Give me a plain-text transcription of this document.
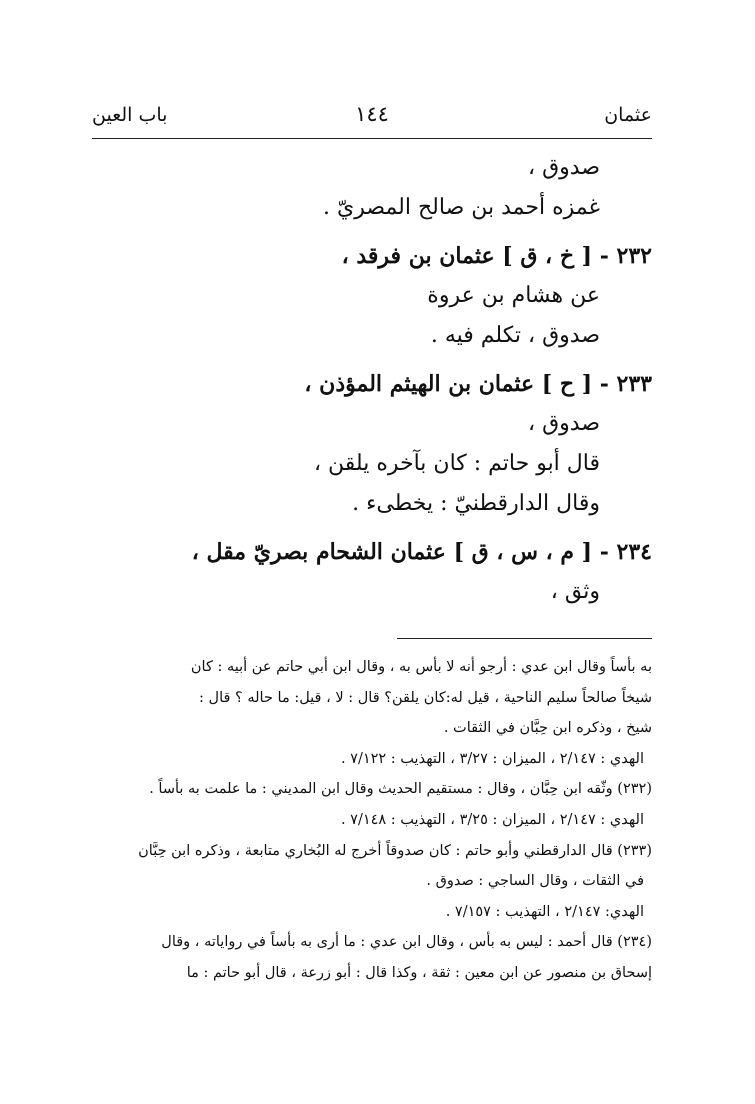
باب العين	١٤٤	عثمان
صدوق ،
غمزه أحمد بن صالح المصريّ .
٢٣٢ - [ خ ، ق ] عثمان بن فرقد ،
عن هشام بن عروة
صدوق ، تكلم فيه .
٢٣٣ - [ ح ] عثمان بن الهيثم المؤذن ،
صدوق ،
قال أبو حاتم : كان بآخره يلقن ،
وقال الدارقطنيّ : يخطىء .
٢٣٤ - [ م ، س ، ق ] عثمان الشحام بصريّ مقل ،
وثق ،
به بأساً وقال ابن عدي : أرجو أنه لا بأس به ، وقال ابن أبي حاتم عن أبيه : كان
شيخاً صالحاً سليم الناحية ، قيل له:كان يلقن؟ قال : لا ، قيل: ما حاله ؟ قال :
شيخ ، وذكره ابن حِبَّان في الثقات .
الهدي : ٢/١٤٧ ، الميزان : ٣/٢٧ ، التهذيب : ٧/١٢٢ .
(٢٣٢) وثّقه ابن حِبَّان ، وقال : مستقيم الحديث وقال ابن المديني : ما علمت به بأساً .
الهدي : ٢/١٤٧ ، الميزان : ٣/٢٥ ، التهذيب : ٧/١٤٨ .
(٢٣٣) قال الدارقطني وأبو حاتم : كان صدوقاً أخرج له البُخاري متابعة ، وذكره ابن حِبَّان
في الثقات ، وقال الساجي : صدوق .
الهدي: ٢/١٤٧ ، التهذيب : ٧/١٥٧ .
(٢٣٤) قال أحمد : ليس به بأس ، وقال ابن عدي : ما أرى به بأساً في رواياته ، وقال
إسحاق بن منصور عن ابن معين : ثقة ، وكذا قال : أبو زرعة ، قال أبو حاتم : ما
